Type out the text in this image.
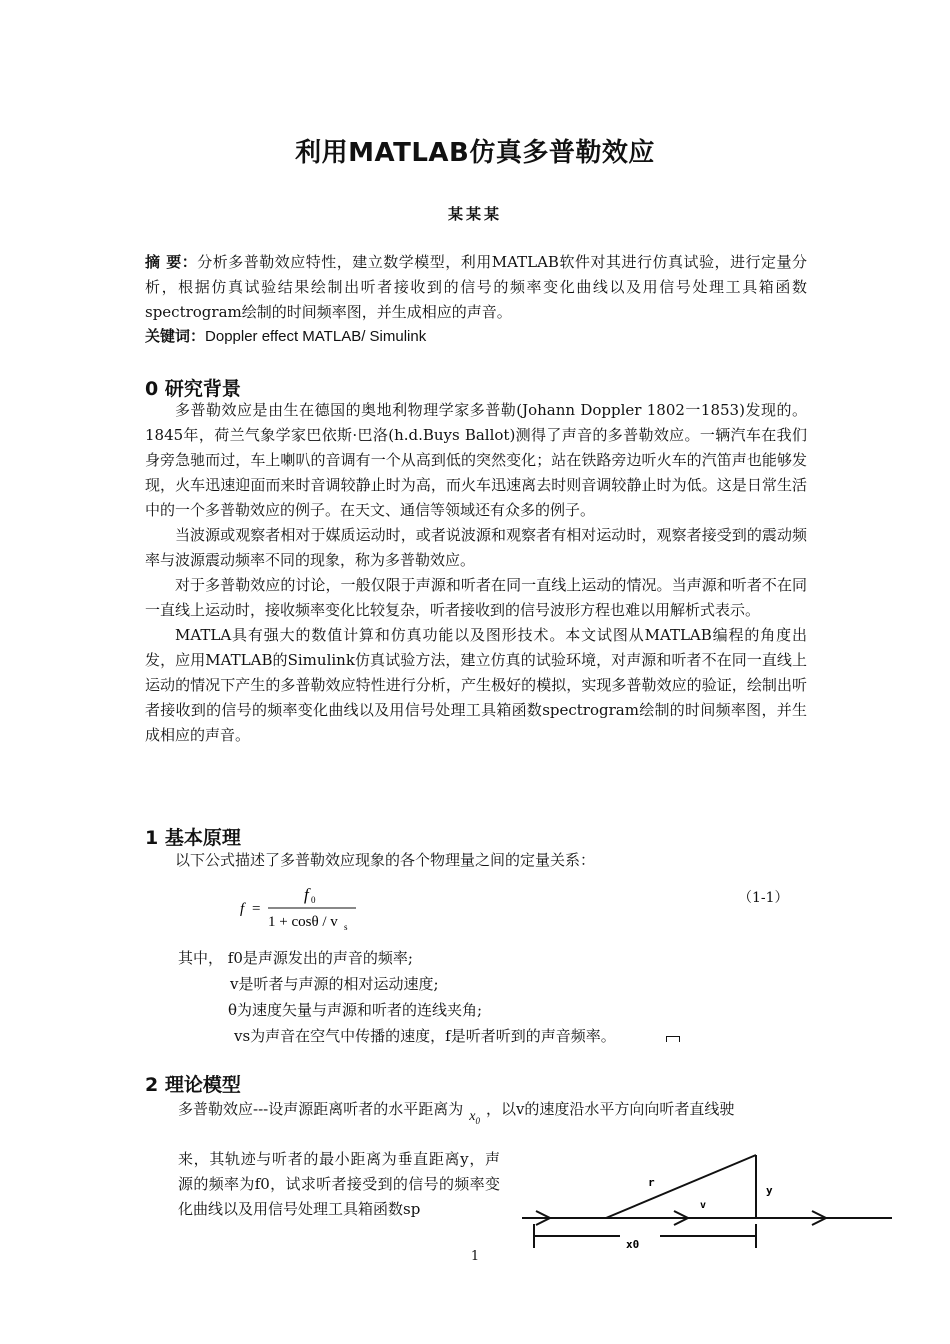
利用MATLAB仿真多普勒效应
某某某
摘 要：分析多普勒效应特性，建立数学模型，利用MATLAB软件对其进行仿真试验，进行定量分析，根据仿真试验结果绘制出听者接收到的信号的频率变化曲线以及用信号处理工具箱函数spectrogram绘制的时间频率图，并生成相应的声音。
关键词：Doppler effect MATLAB/ Simulink
0 研究背景

多普勒效应是由生在德国的奥地利物理学家多普勒(Johann Doppler 1802一1853)发现的。1845年，荷兰气象学家巴依斯·巴洛(h.d.Buys Ballot)测得了声音的多普勒效应。一辆汽车在我们身旁急驰而过，车上喇叭的音调有一个从高到低的突然变化；站在铁路旁边听火车的汽笛声也能够发现，火车迅速迎面而来时音调较静止时为高，而火车迅速离去时则音调较静止时为低。这是日常生活中的一个多普勒效应的例子。在天文、通信等领域还有众多的例子。

当波源或观察者相对于媒质运动时，或者说波源和观察者有相对运动时，观察者接受到的震动频率与波源震动频率不同的现象，称为多普勒效应。

对于多普勒效应的讨论，一般仅限于声源和听者在同一直线上运动的情况。当声源和听者不在同一直线上运动时，接收频率变化比较复杂，听者接收到的信号波形方程也难以用解析式表示。

MATLA具有强大的数值计算和仿真功能以及图形技术。本文试图从MATLAB编程的角度出发，应用MATLAB的Simulink仿真试验方法，建立仿真的试验环境，对声源和听者不在同一直线上运动的情况下产生的多普勒效应特性进行分析，产生极好的模拟，实现多普勒效应的验证，绘制出听者接收到的信号的频率变化曲线以及用信号处理工具箱函数spectrogram绘制的时间频率图，并生成相应的声音。

1 基本原理

以下公式描述了多普勒效应现象的各个物理量之间的定量关系：

f =
f 0
1 + cosθ / v s
（1-1）
其中， f0是声源发出的声音的频率;
v是听者与声源的相对运动速度;
θ为速度矢量与声源和听者的连线夹角;
vs为声音在空气中传播的速度，f是听者听到的声音频率。
2 理论模型
多普勒效应---设声源距离听者的水平距离为 $x_0$，以v的速度沿水平方向向听者直线驶
来，其轨迹与听者的最小距离为垂直距离y，声源的频率为f0，试求听者接受到的信号的频率变化曲线以及用信号处理工具箱函数sp
r
y
v
x0
1
